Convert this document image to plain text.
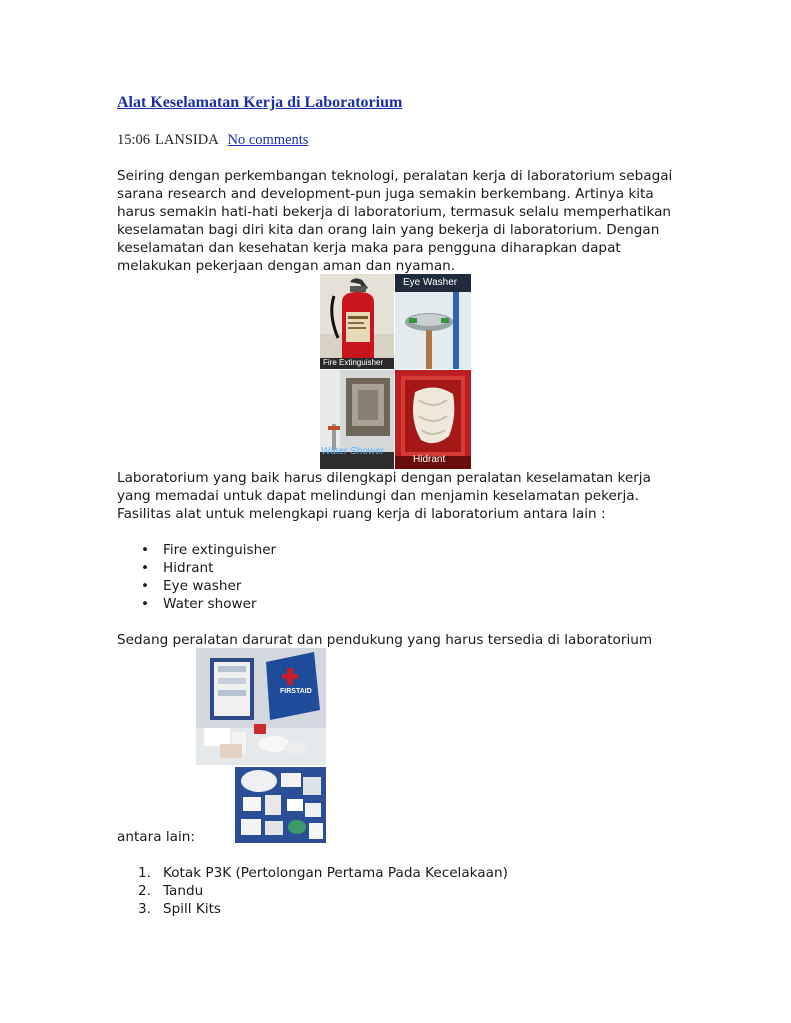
Alat Keselamatan Kerja di Laboratorium
15:06 LANSIDA No comments

Seiring dengan perkembangan teknologi, peralatan kerja di laboratorium sebagai sarana research and development-pun juga semakin berkembang. Artinya kita harus semakin hati-hati bekerja di laboratorium, termasuk selalu memperhatikan keselamatan bagi diri kita dan orang lain yang bekerja di laboratorium. Dengan keselamatan dan kesehatan kerja maka para pengguna diharapkan dapat melakukan pekerjaan dengan aman dan nyaman.

Laboratorium yang baik harus dilengkapi dengan peralatan keselamatan kerja yang memadai untuk dapat melindungi dan menjamin keselamatan pekerja. Fasilitas alat untuk melengkapi ruang kerja di laboratorium antara lain :

• Fire extinguisher
• Hidrant
• Eye washer
• Water shower

Sedang peralatan darurat dan pendukung yang harus tersedia di laboratorium

antara lain:

1. Kotak P3K (Pertolongan Pertama Pada Kecelakaan)
2. Tandu
3. Spill Kits
Fire Extinguisher
Eye Washer
Water Shower
Hidrant
FIRSTAID
